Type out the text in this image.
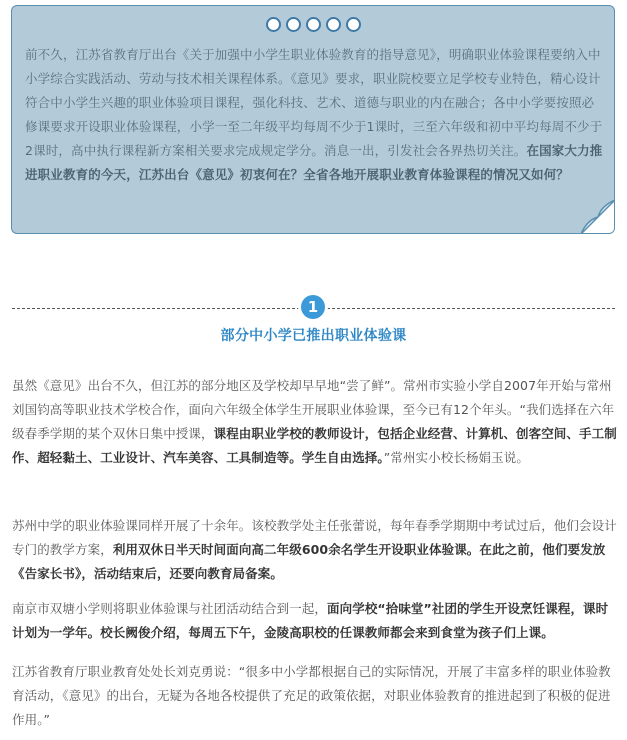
前不久，江苏省教育厅出台《关于加强中小学生职业体验教育的指导意见》，明确职业体验课程要纳入中小学综合实践活动、劳动与技术相关课程体系。《意见》要求，职业院校要立足学校专业特色，精心设计符合中小学生兴趣的职业体验项目课程，强化科技、艺术、道德与职业的内在融合；各中小学要按照必修课要求开设职业体验课程，小学一至二年级平均每周不少于1课时，三至六年级和初中平均每周不少于2课时，高中执行课程新方案相关要求完成规定学分。消息一出，引发社会各界热切关注。在国家大力推进职业教育的今天，江苏出台《意见》初衷何在？全省各地开展职业教育体验课程的情况又如何？

1
部分中小学已推出职业体验课

虽然《意见》出台不久，但江苏的部分地区及学校却早早地“尝了鲜”。常州市实验小学自2007年开始与常州刘国钧高等职业技术学校合作，面向六年级全体学生开展职业体验课，至今已有12个年头。“我们选择在六年级春季学期的某个双休日集中授课，课程由职业学校的教师设计，包括企业经营、计算机、创客空间、手工制作、超轻黏土、工业设计、汽车美容、工具制造等。学生自由选择。”常州实小校长杨娟玉说。

苏州中学的职业体验课同样开展了十余年。该校教学处主任张蕾说，每年春季学期期中考试过后，他们会设计专门的教学方案，利用双休日半天时间面向高二年级600余名学生开设职业体验课。在此之前，他们要发放《告家长书》，活动结束后，还要向教育局备案。

南京市双塘小学则将职业体验课与社团活动结合到一起，面向学校“拾味堂”社团的学生开设烹饪课程，课时计划为一学年。校长阙俊介绍，每周五下午，金陵高职校的任课教师都会来到食堂为孩子们上课。

江苏省教育厅职业教育处处长刘克勇说：“很多中小学都根据自己的实际情况，开展了丰富多样的职业体验教育活动，《意见》的出台，无疑为各地各校提供了充足的政策依据，对职业体验教育的推进起到了积极的促进作用。”
